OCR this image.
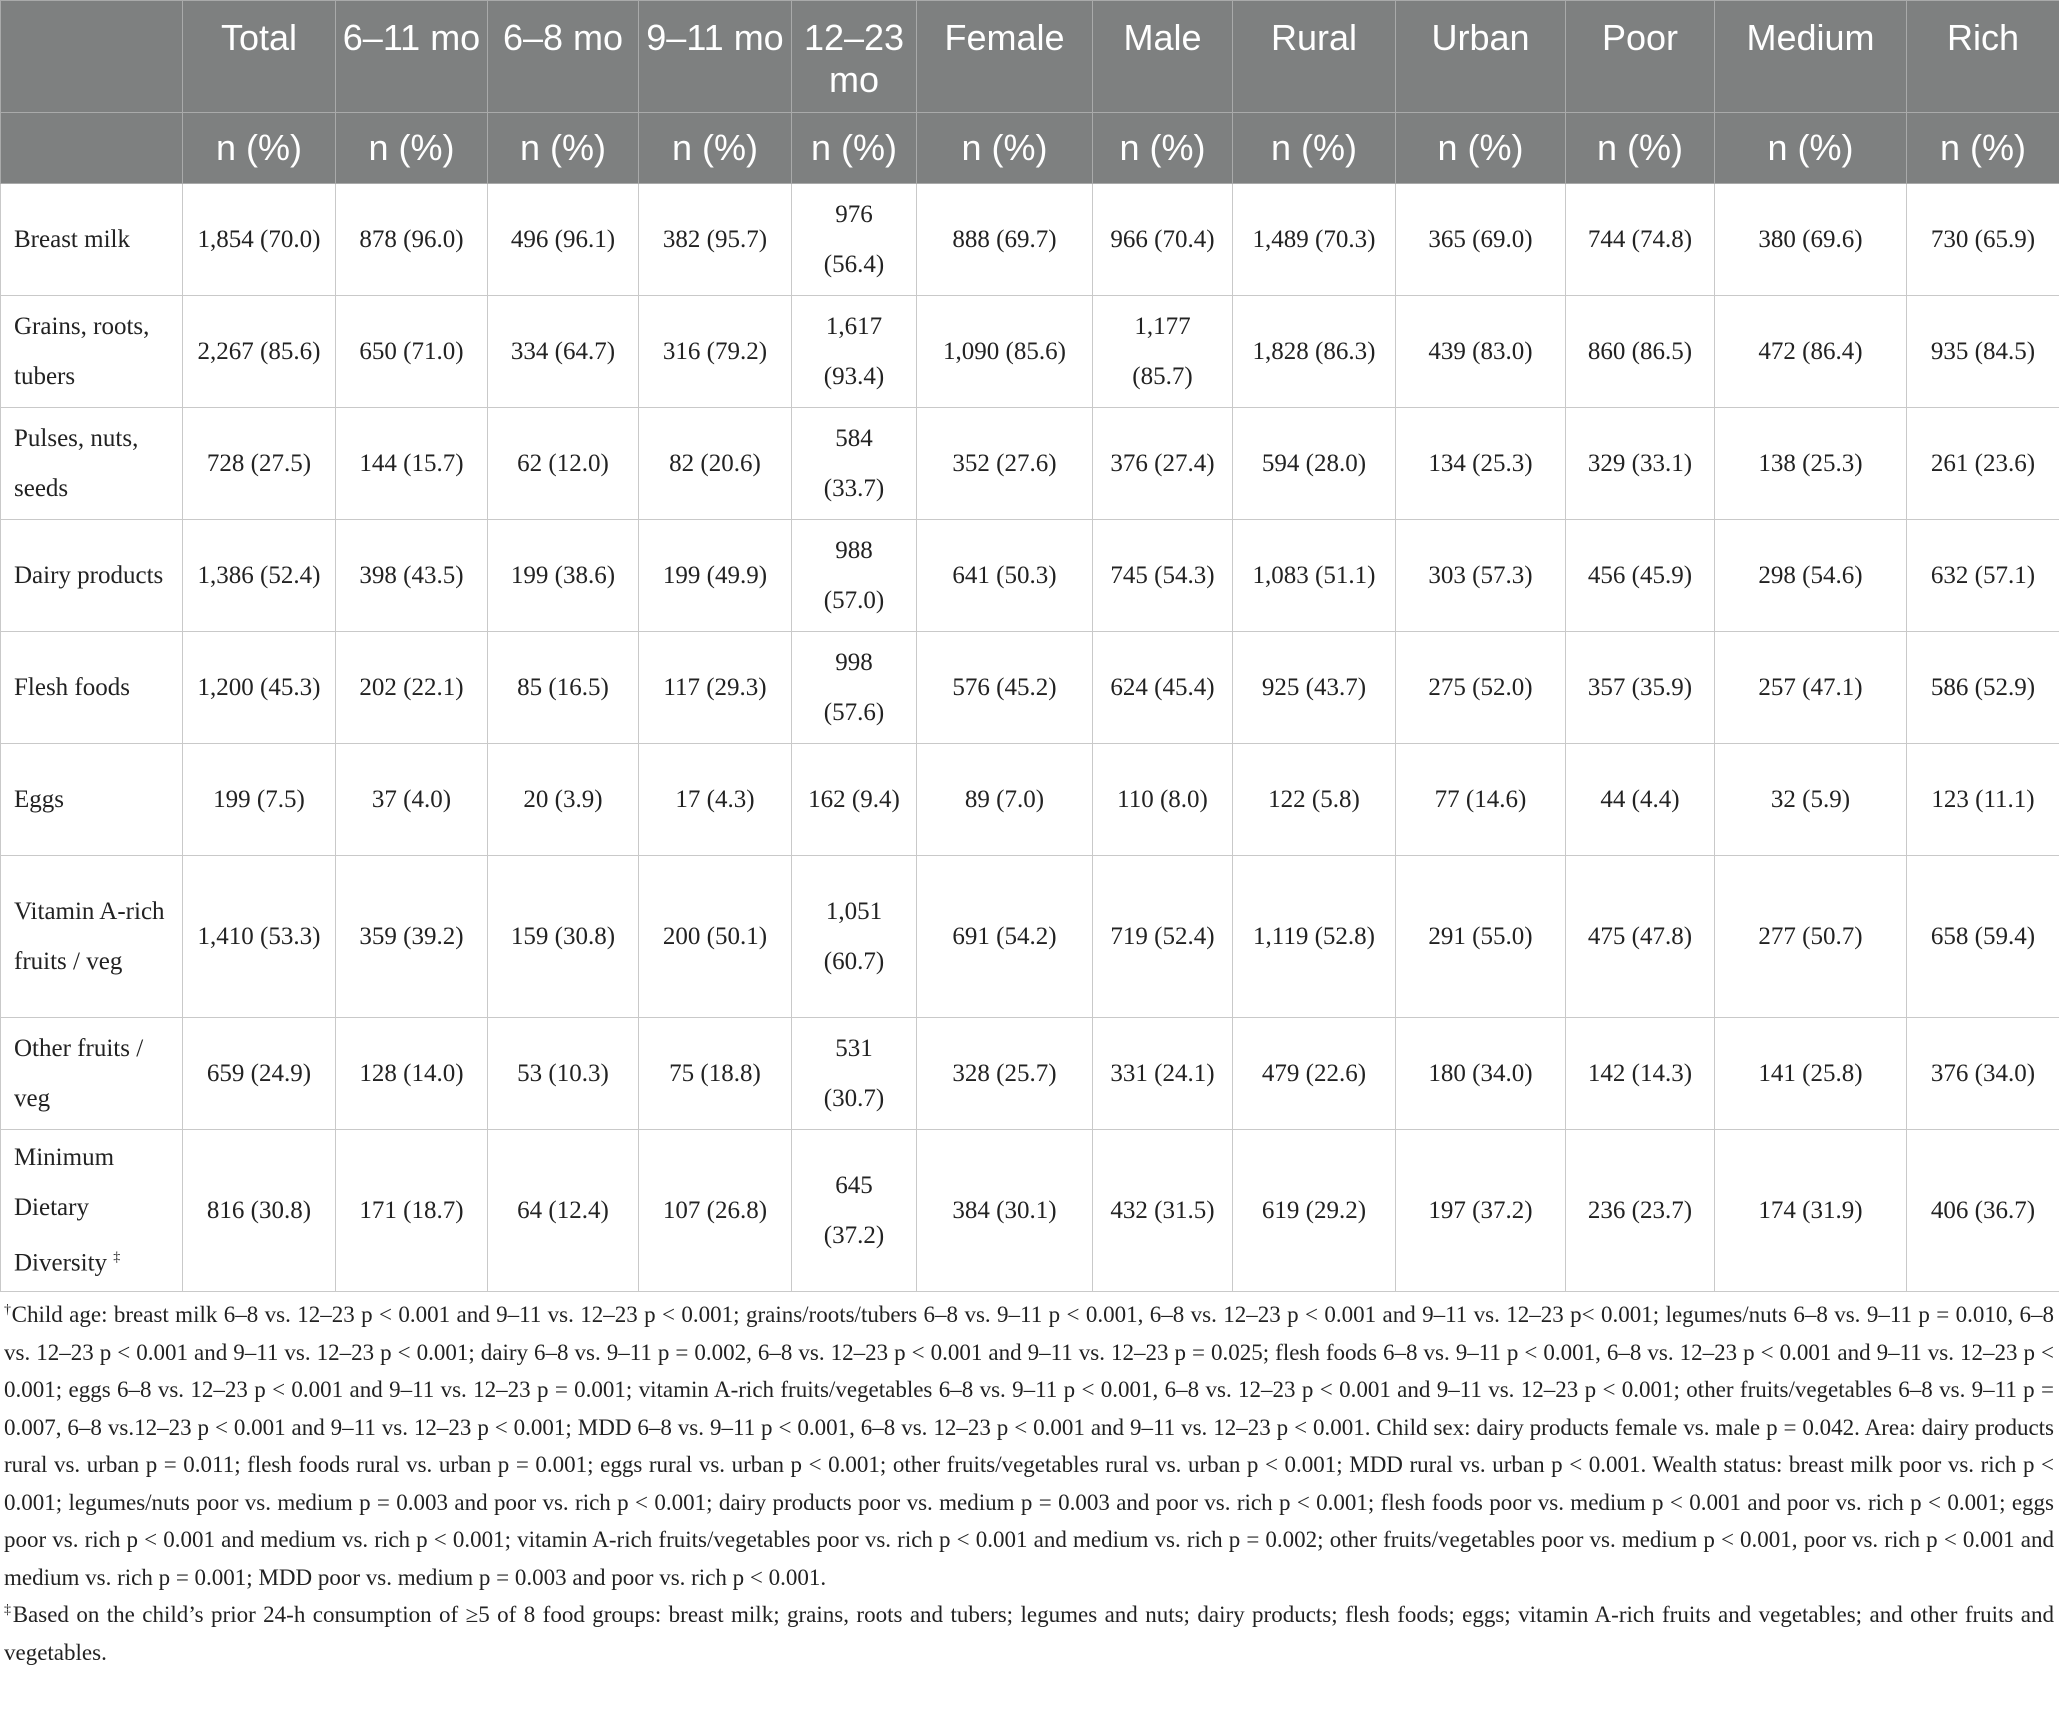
	Total	6–11 mo	6–8 mo	9–11 mo	12–23 mo	Female	Male	Rural	Urban	Poor	Medium	Rich
	n (%)	n (%)	n (%)	n (%)	n (%)	n (%)	n (%)	n (%)	n (%)	n (%)	n (%)	n (%)
Breast milk	1,854 (70.0)	878 (96.0)	496 (96.1)	382 (95.7)	976 (56.4)	888 (69.7)	966 (70.4)	1,489 (70.3)	365 (69.0)	744 (74.8)	380 (69.6)	730 (65.9)
Grains, roots, tubers	2,267 (85.6)	650 (71.0)	334 (64.7)	316 (79.2)	1,617 (93.4)	1,090 (85.6)	1,177 (85.7)	1,828 (86.3)	439 (83.0)	860 (86.5)	472 (86.4)	935 (84.5)
Pulses, nuts, seeds	728 (27.5)	144 (15.7)	62 (12.0)	82 (20.6)	584 (33.7)	352 (27.6)	376 (27.4)	594 (28.0)	134 (25.3)	329 (33.1)	138 (25.3)	261 (23.6)
Dairy products	1,386 (52.4)	398 (43.5)	199 (38.6)	199 (49.9)	988 (57.0)	641 (50.3)	745 (54.3)	1,083 (51.1)	303 (57.3)	456 (45.9)	298 (54.6)	632 (57.1)
Flesh foods	1,200 (45.3)	202 (22.1)	85 (16.5)	117 (29.3)	998 (57.6)	576 (45.2)	624 (45.4)	925 (43.7)	275 (52.0)	357 (35.9)	257 (47.1)	586 (52.9)
Eggs	199 (7.5)	37 (4.0)	20 (3.9)	17 (4.3)	162 (9.4)	89 (7.0)	110 (8.0)	122 (5.8)	77 (14.6)	44 (4.4)	32 (5.9)	123 (11.1)
Vitamin A-rich fruits / veg	1,410 (53.3)	359 (39.2)	159 (30.8)	200 (50.1)	1,051 (60.7)	691 (54.2)	719 (52.4)	1,119 (52.8)	291 (55.0)	475 (47.8)	277 (50.7)	658 (59.4)
Other fruits / veg	659 (24.9)	128 (14.0)	53 (10.3)	75 (18.8)	531 (30.7)	328 (25.7)	331 (24.1)	479 (22.6)	180 (34.0)	142 (14.3)	141 (25.8)	376 (34.0)
Minimum Dietary Diversity ‡	816 (30.8)	171 (18.7)	64 (12.4)	107 (26.8)	645 (37.2)	384 (30.1)	432 (31.5)	619 (29.2)	197 (37.2)	236 (23.7)	174 (31.9)	406 (36.7)

†Child age: breast milk 6–8 vs. 12–23 p < 0.001 and 9–11 vs. 12–23 p < 0.001; grains/roots/tubers 6–8 vs. 9–11 p < 0.001, 6–8 vs. 12–23 p < 0.001 and 9–11 vs. 12–23 p< 0.001; legumes/nuts 6–8 vs. 9–11 p = 0.010, 6–8 vs. 12–23 p < 0.001 and 9–11 vs. 12–23 p < 0.001; dairy 6–8 vs. 9–11 p = 0.002, 6–8 vs. 12–23 p < 0.001 and 9–11 vs. 12–23 p = 0.025; flesh foods 6–8 vs. 9–11 p < 0.001, 6–8 vs. 12–23 p < 0.001 and 9–11 vs. 12–23 p < 0.001; eggs 6–8 vs. 12–23 p < 0.001 and 9–11 vs. 12–23 p = 0.001; vitamin A-rich fruits/vegetables 6–8 vs. 9–11 p < 0.001, 6–8 vs. 12–23 p < 0.001 and 9–11 vs. 12–23 p < 0.001; other fruits/vegetables 6–8 vs. 9–11 p = 0.007, 6–8 vs.12–23 p < 0.001 and 9–11 vs. 12–23 p < 0.001; MDD 6–8 vs. 9–11 p < 0.001, 6–8 vs. 12–23 p < 0.001 and 9–11 vs. 12–23 p < 0.001. Child sex: dairy products female vs. male p = 0.042. Area: dairy products rural vs. urban p = 0.011; flesh foods rural vs. urban p = 0.001; eggs rural vs. urban p < 0.001; other fruits/vegetables rural vs. urban p < 0.001; MDD rural vs. urban p < 0.001. Wealth status: breast milk poor vs. rich p < 0.001; legumes/nuts poor vs. medium p = 0.003 and poor vs. rich p < 0.001; dairy products poor vs. medium p = 0.003 and poor vs. rich p < 0.001; flesh foods poor vs. medium p < 0.001 and poor vs. rich p < 0.001; eggs poor vs. rich p < 0.001 and medium vs. rich p < 0.001; vitamin A-rich fruits/vegetables poor vs. rich p < 0.001 and medium vs. rich p = 0.002; other fruits/vegetables poor vs. medium p < 0.001, poor vs. rich p < 0.001 and medium vs. rich p = 0.001; MDD poor vs. medium p = 0.003 and poor vs. rich p < 0.001.

‡Based on the child’s prior 24-h consumption of ≥5 of 8 food groups: breast milk; grains, roots and tubers; legumes and nuts; dairy products; flesh foods; eggs; vitamin A-rich fruits and vegetables; and other fruits and vegetables.
